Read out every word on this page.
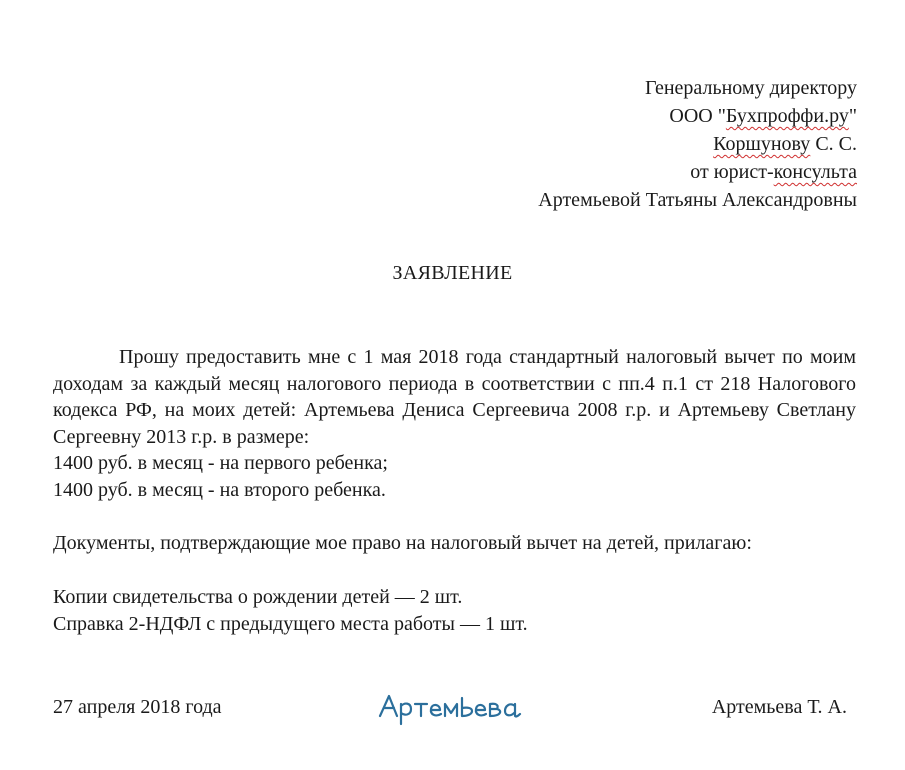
Генеральному директору
ООО "Бухпроффи.ру"
Коршунову С. С.
от юрист-консульта
Артемьевой Татьяны Александровны
ЗАЯВЛЕНИЕ

Прошу предоставить мне с 1 мая 2018 года стандартный налоговый вычет по моим доходам за каждый месяц налогового периода в соответствии с пп.4 п.1 ст 218 Налогового кодекса РФ, на моих детей: Артемьева Дениса Сергеевича 2008 г.р. и Артемьеву Светлану Сергеевну 2013 г.р. в размере:

1400 руб. в месяц - на первого ребенка;
1400 руб. в месяц - на второго ребенка.
Документы, подтверждающие мое право на налоговый вычет на детей, прилагаю:
Копии свидетельства о рождении детей — 2 шт.
Справка 2-НДФЛ с предыдущего места работы — 1 шт.
27 апреля 2018 года	Артемьева Т. А.
